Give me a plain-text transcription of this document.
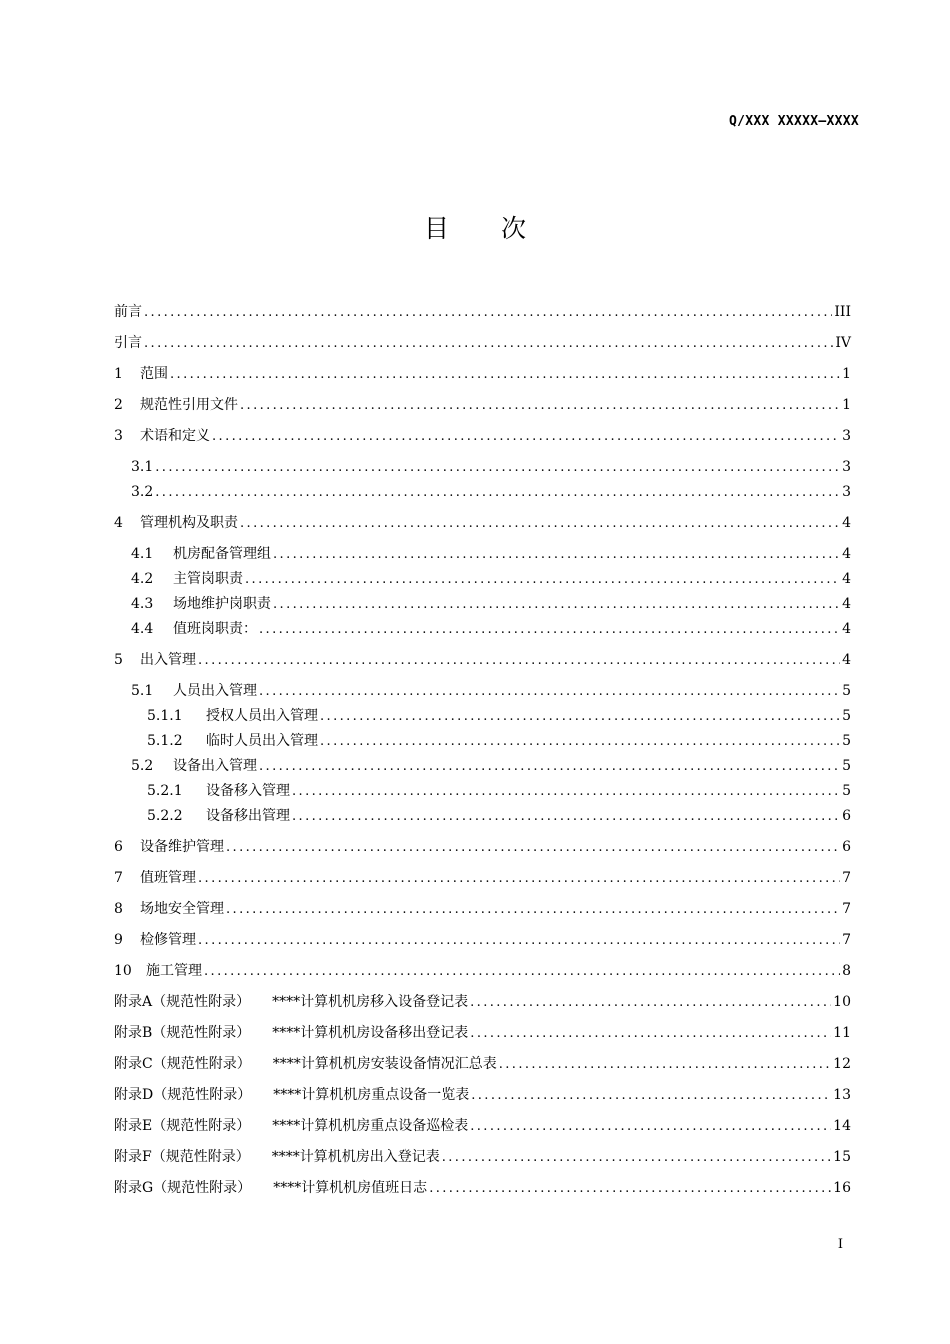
Q/XXX XXXXX—XXXX
目次
前言 .....	III
引言 .....	IV
1 范围 .....	1
2 规范性引用文件 .....	1
3 术语和定义 .....	3
3.1 .....	3
3.2 .....	3
4 管理机构及职责 .....	4
4.1 机房配备管理组 .....	4
4.2 主管岗职责 .....	4
4.3 场地维护岗职责 .....	4
4.4 值班岗职责： .....	4
5 出入管理 .....	4
5.1 人员出入管理 .....	5
5.1.1 授权人员出入管理 .....	5
5.1.2 临时人员出入管理 .....	5
5.2 设备出入管理 .....	5
5.2.1 设备移入管理 .....	5
5.2.2 设备移出管理 .....	6
6 设备维护管理 .....	6
7 值班管理 .....	7
8 场地安全管理 .....	7
9 检修管理 .....	7
10 施工管理 .....	8
附录A（规范性附录） ****计算机机房移入设备登记表 .....	10
附录B（规范性附录） ****计算机机房设备移出登记表 .....	11
附录C（规范性附录） ****计算机机房安装设备情况汇总表 .....	12
附录D（规范性附录） ****计算机机房重点设备一览表 .....	13
附录E（规范性附录） ****计算机机房重点设备巡检表 .....	14
附录F（规范性附录） ****计算机机房出入登记表 .....	15
附录G（规范性附录） ****计算机机房值班日志 .....	16
I
